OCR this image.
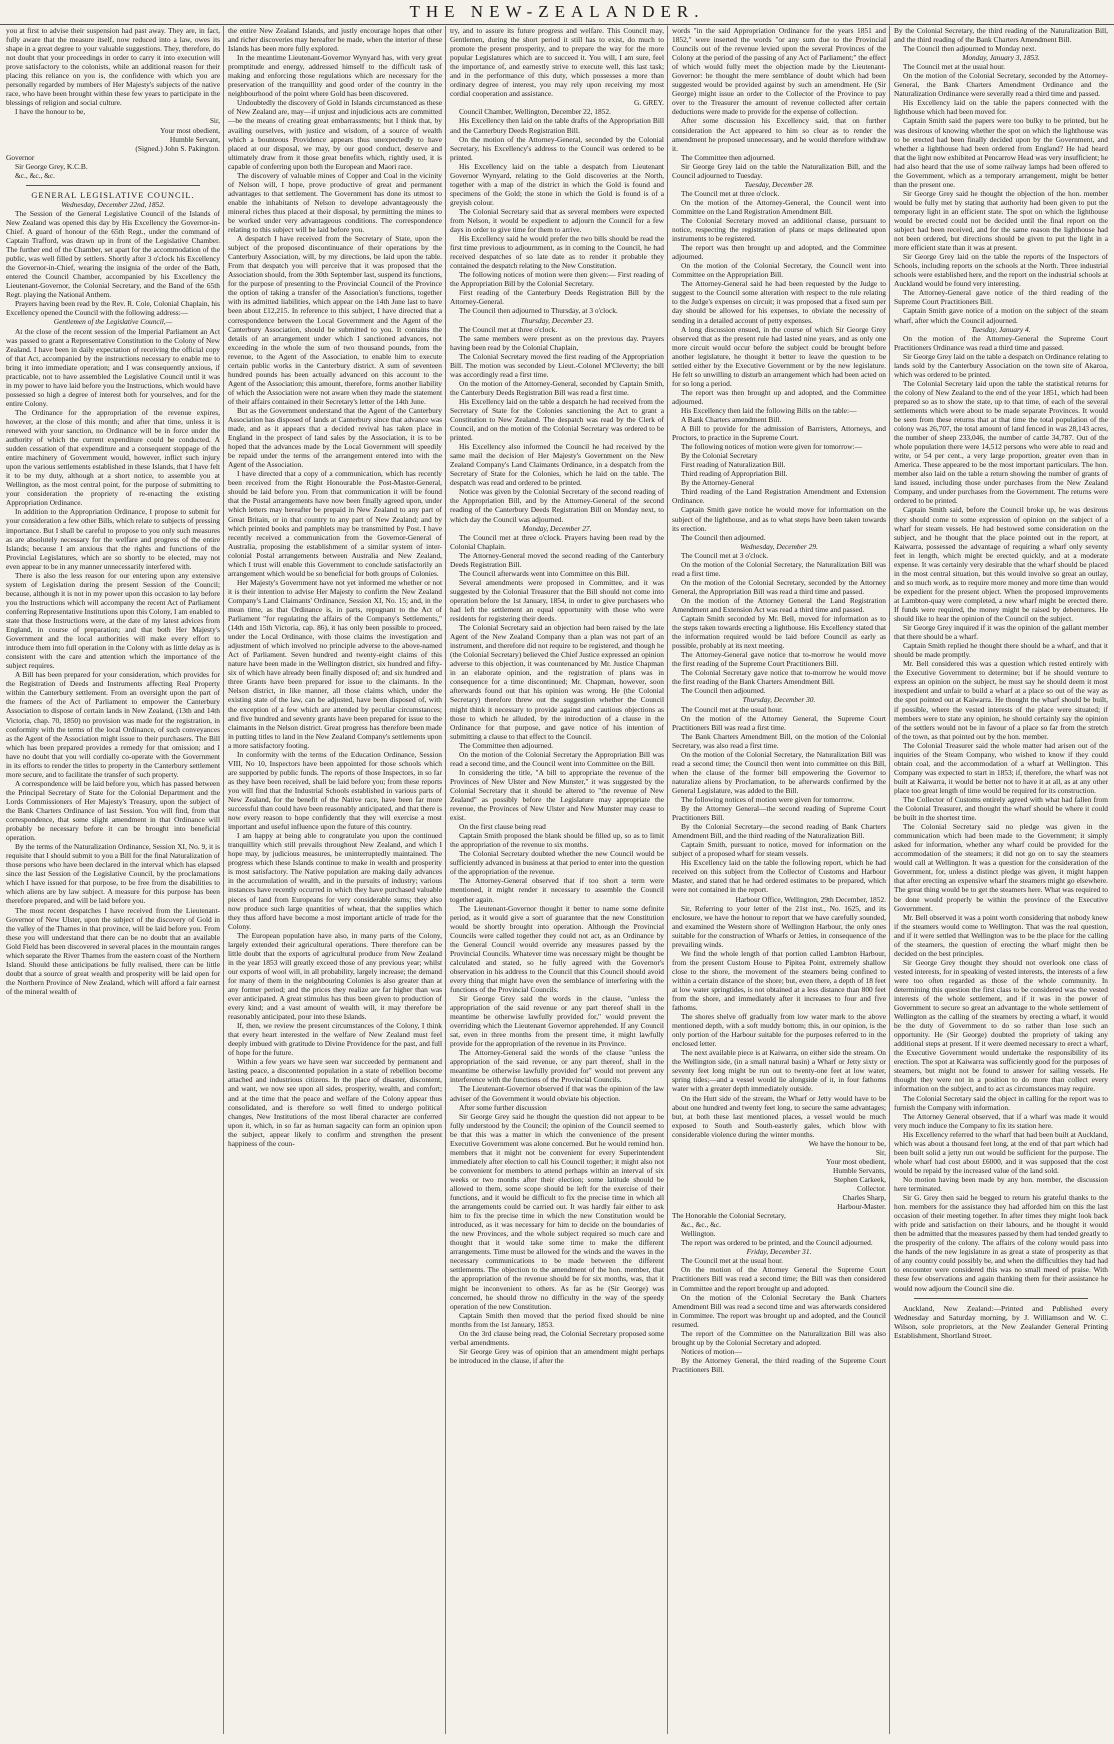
THE NEW-ZEALANDER.

you at first to advise their suspension had past away. They are, in fact, fully aware that the measure itself, now reduced into a law, owes its shape in a great degree to your valuable suggestions. They, therefore, do not doubt that your proceedings in order to carry it into execution will prove satisfactory to the colonists, while an additional reason for their placing this reliance on you is, the confidence with which you are personally regarded by numbers of Her Majesty's subjects of the native race, who have been brought within these few years to participate in the blessings of religion and social culture.

I have the honour to be,

Sir,

Your most obedient,

Humble Servant,

(Signed.) John S. Pakington.

Governor

Sir George Grey, K.C.B.

&c., &c., &c.

GENERAL LEGISLATIVE COUNCIL.

Wednesday, December 22nd, 1852.

The Session of the General Legislative Council of the Islands of New Zealand was opened this day by His Excellency the Governor-in-Chief. A guard of honour of the 65th Regt., under the command of Captain Trafford, was drawn up in front of the Legislative Chamber. The further end of the Chamber, set apart for the accommodation of the public, was well filled by settlers. Shortly after 3 o'clock his Excellency the Governor-in-Chief, wearing the insignia of the order of the Bath, entered the Council Chamber, accompanied by his Excellency the Lieutenant-Governor, the Colonial Secretary, and the Band of the 65th Regt. playing the National Anthem.

Prayers having been read by the Rev. R. Cole, Colonial Chaplain, his Excellency opened the Council with the following address:—

Gentlemen of the Legislative Council,—

At the close of the recent session of the Imperial Parliament an Act was passed to grant a Representative Constitution to the Colony of New Zealand. I have been in daily expectation of receiving the official copy of that Act, accompanied by the instructions necessary to enable me to bring it into immediate operation; and I was consequently anxious, if practicable, not to have assembled the Legislative Council until it was in my power to have laid before you the Instructions, which would have possessed so high a degree of interest both for yourselves, and for the entire Colony.

The Ordinance for the appropriation of the revenue expires, however, at the close of this month; and after that time, unless it is renewed with your sanction, no Ordinance will be in force under the authority of which the current expenditure could be conducted. A sudden cessation of that expenditure and a consequent stoppage of the entire machinery of Government would, however, inflict such injury upon the various settlements established in these Islands, that I have felt it to be my duty, although at a short notice, to assemble you at Wellington, as the most central point, for the purpose of submitting to your consideration the propriety of re-enacting the existing Appropriation Ordinance.

In addition to the Appropriation Ordinance, I propose to submit for your consideration a few other Bills, which relate to subjects of pressing importance. But I shall be careful to propose to you only such measures as are absolutely necessary for the welfare and progress of the entire Islands; because I am anxious that the rights and functions of the Provincial Legislatures, which are so shortly to be elected, may not even appear to be in any manner unnecessarily interfered with.

There is also the less reason for our entering upon any extensive system of Legislation during the present Session of the Council; because, although it is not in my power upon this occasion to lay before you the Instructions which will accompany the recent Act of Parliament conferring Representative Institutions upon this Colony, I am enabled to state that those Instructions were, at the date of my latest advices from England, in course of preparation; and that both Her Majesty's Government and the local authorities will make every effort to introduce them into full operation in the Colony with as little delay as is consistent with the care and attention which the importance of the subject requires.

A Bill has been prepared for your consideration, which provides for the Registration of Deeds and Instruments affecting Real Property within the Canterbury settlement. From an oversight upon the part of the framers of the Act of Parliament to empower the Canterbury Association to dispose of certain lands in New Zealand, (13th and 14th Victoria, chap. 70, 1850) no provision was made for the registration, in conformity with the terms of the local Ordinance, of such conveyances as the Agent of the Association might issue to their purchasers. The Bill which has been prepared provides a remedy for that omission; and I have no doubt that you will cordially co-operate with the Government in its efforts to render the titles to property in the Canterbury settlement more secure, and to facilitate the transfer of such property.

A correspondence will be laid before you, which has passed between the Principal Secretary of State for the Colonial Department and the Lords Commissioners of Her Majesty's Treasury, upon the subject of the Bank Charters Ordinance of last Session. You will find, from that correspondence, that some slight amendment in that Ordinance will probably be necessary before it can be brought into beneficial operation.

By the terms of the Naturalization Ordinance, Session XI, No. 9, it is requisite that I should submit to you a Bill for the final Naturalization of those persons who have been declared in the interval which has elapsed since the last Session of the Legislative Council, by the proclamations which I have issued for that purpose, to be free from the disabilities to which aliens are by law subject. A measure for this purpose has been therefore prepared, and will be laid before you.

The most recent despatches I have received from the Lieutenant-Governor of New Ulster, upon the subject of the discovery of Gold in the valley of the Thames in that province, will be laid before you. From these you will understand that there can be no doubt that an available Gold Field has been discovered in several places in the mountain ranges which separate the River Thames from the eastern coast of the Northern Island. Should these anticipations be fully realised, there can be little doubt that a source of great wealth and prosperity will be laid open for the Northern Province of New Zealand, which will afford a fair earnest of the mineral wealth of

the entire New Zealand Islands, and justly encourage hopes that other and richer discoveries may hereafter be made, when the interior of these Islands has been more fully explored.

In the meantime Lieutenant-Governor Wynyard has, with very great promptitude and energy, addressed himself to the difficult task of making and enforcing those regulations which are necessary for the preservation of the tranquillity and good order of the country in the neighbourhood of the point where Gold has been discovered.

Undoubtedly the discovery of Gold in Islands circumstanced as these of New Zealand are, may—if unjust and injudicious acts are committed—be the means of creating great embarrassments; but I think that, by availing ourselves, with justice and wisdom, of a source of wealth which a bounteous Providence appears thus unexpectedly to have placed at our disposal, we may, by our good conduct, deserve and ultimately draw from it those great benefits which, rightly used, it is capable of conferring upon both the European and Maori race.

The discovery of valuable mines of Copper and Coal in the vicinity of Nelson will, I hope, prove productive of great and permanent advantages to that settlement. The Government has done its utmost to enable the inhabitants of Nelson to develope advantageously the mineral riches thus placed at their disposal, by permitting the mines to be worked under very advantageous conditions. The correspondence relating to this subject will be laid before you.

A despatch I have received from the Secretary of State, upon the subject of the proposed discontinuance of their operations by the Canterbury Association, will, by my directions, be laid upon the table. From that despatch you will perceive that it was proposed that the Association should, from the 30th September last, suspend its functions, for the purpose of presenting to the Provincial Council of the Province the option of taking a transfer of the Association's functions, together with its admitted liabilities, which appear on the 14th June last to have been about £12,215. In reference to this subject, I have directed that a correspondence between the Local Government and the Agent of the Canterbury Association, should be submitted to you. It contains the details of an arrangement under which I sanctioned advances, not exceeding in the whole the sum of two thousand pounds, from the revenue, to the Agent of the Association, to enable him to execute certain public works in the Canterbury district. A sum of seventeen hundred pounds has been actually advanced on this account to the Agent of the Association; this amount, therefore, forms another liability of which the Association were not aware when they made the statement of their affairs contained in their Secretary's letter of the 14th June.

But as the Government understand that the Agent of the Canterbury Association has disposed of lands at Canterbury since that advance was made, and as it appears that a decided revival has taken place in England in the prospect of land sales by the Association, it is to be hoped that the advances made by the Local Government will speedily be repaid under the terms of the arrangement entered into with the Agent of the Association.

I have directed that a copy of a communication, which has recently been received from the Right Honourable the Post-Master-General, should be laid before you. From that communication it will be found that the Postal arrangements have now been finally agreed upon, under which letters may hereafter be prepaid in New Zealand to any part of Great Britain, or in that country to any part of New Zealand; and by which printed books and pamphlets may be transmitted by Post. I have recently received a communication from the Governor-General of Australia, proposing the establishment of a similar system of inter-colonial Postal arrangements between Australia and New Zealand, which I trust will enable this Government to conclude satisfactorily an arrangement which would be so beneficial for both groups of Colonies.

Her Majesty's Government have not yet informed me whether or not it is their intention to advise Her Majesty to confirm the New Zealand Company's Land Claimants' Ordinance, Session XI, No. 15; and, in the mean time, as that Ordinance is, in parts, repugnant to the Act of Parliament "for regulating the affairs of the Company's Settlements," (14th and 15th Victoria, cap. 86), it has only been possible to proceed, under the Local Ordinance, with those claims the investigation and adjustment of which involved no principle adverse to the above-named Act of Parliament. Seven hundred and twenty-eight claims of this nature have been made in the Wellington district, six hundred and fifty-six of which have already been finally disposed of; and six hundred and three Grants have been prepared for issue to the claimants. In the Nelson district, in like manner, all those claims which, under the existing state of the law, can be adjusted, have been disposed of, with the exception of a few which are attended by peculiar circumstances; and five hundred and seventy grants have been prepared for issue to the claimants in the Nelson district. Great progress has therefore been made in putting titles to land in the New Zealand Company's settlements upon a more satisfactory footing.

In conformity with the terms of the Education Ordinance, Session VIII, No 10, Inspectors have been appointed for those schools which are supported by public funds. The reports of those Inspectors, in so far as they have been received, shall be laid before you; from these reports you will find that the Industrial Schools established in various parts of New Zealand, for the benefit of the Native race, have been far more successful than could have been reasonably anticipated, and that there is now every reason to hope confidently that they will exercise a most important and useful influence upon the future of this country.

I am happy at being able to congratulate you upon the continued tranquillity which still prevails throughout New Zealand, and which I hope may, by judicious measures, be uninterruptedly maintained. The progress which these Islands continue to make in wealth and prosperity is most satisfactory. The Native population are making daily advances in the accumulation of wealth, and in the pursuits of industry; various instances have recently occurred in which they have purchased valuable pieces of land from Europeans for very considerable sums; they also now produce such large quantities of wheat, that the supplies which they thus afford have become a most important article of trade for the Colony.

The European population have also, in many parts of the Colony, largely extended their agricultural operations. There therefore can be little doubt that the exports of agricultural produce from New Zealand in the year 1853 will greatly exceed those of any previous year; whilst our exports of wool will, in all probability, largely increase; the demand for many of them in the neighbouring Colonies is also greater than at any former period; and the prices they realize are far higher than was ever anticipated. A great stimulus has thus been given to production of every kind; and a vast amount of wealth will, it may therefore be reasonably anticipated, pour into these Islands.

If, then, we review the present circumstances of the Colony, I think that every heart interested in the welfare of New Zealand must feel deeply imbued with gratitude to Divine Providence for the past, and full of hope for the future.

Within a few years we have seen war succeeded by permanent and lasting peace, a discontented population in a state of rebellion become attached and industrious citizens. In the place of disaster, discontent, and want, we now see upon all sides, prosperity, wealth, and comfort; and at the time that the peace and welfare of the Colony appear thus consolidated, and is therefore so well fitted to undergo political changes, New Institutions of the most liberal character are conferred upon it, which, in so far as human sagacity can form an opinion upon the subject, appear likely to confirm and strengthen the present happiness of the coun-

try, and to assure its future progress and welfare. This Council may, Gentlemen, during the short period it still has to exist, do much to promote the present prosperity, and to prepare the way for the more popular Legislatures which are to succeed it. You will, I am sure, feel the importance of, and earnestly strive to execute well, this last task; and in the performance of this duty, which possesses a more than ordinary degree of interest, you may rely upon receiving my most cordial cooperation and assistance.

G. GREY.

Council Chamber, Wellington, December 22, 1852.

His Excellency then laid on the table drafts of the Appropriation Bill and the Canterbury Deeds Registration Bill.

On the motion of the Attorney-General, seconded by the Colonial Secretary, his Excellency's address to the Council was ordered to be printed.

His Excellency laid on the table a despatch from Lieutenant Governor Wynyard, relating to the Gold discoveries at the North, together with a map of the district in which the Gold is found and specimens of the Gold; the stone in which the Gold is found is of a greyish colour.

The Colonial Secretary said that as several members were expected from Nelson, it would be expedient to adjourn the Council for a few days in order to give time for them to arrive.

His Excellency said he would prefer the two bills should be read the first time previous to adjournment, as in coming to the Council, he had received despatches of so late date as to render it probable they contained the despatch relating to the New Constitution.

The following notices of motion were then given:— First reading of the Appropriation Bill by the Colonial Secretary.

First reading of the Canterbury Deeds Registration Bill by the Attorney-General.

The Council then adjourned to Thursday, at 3 o'clock.

Thursday, December 23.

The Council met at three o'clock.

The same members were present as on the previous day. Prayers having been read by the Colonial Chaplain,

The Colonial Secretary moved the first reading of the Appropriation Bill. The motion was seconded by Lieut.-Colonel M'Cleverty; the bill was accordingly read a first time.

On the motion of the Attorney-General, seconded by Captain Smith, the Canterbury Deeds Registration Bill was read a first time.

His Excellency laid on the table a despatch he had received from the Secretary of State for the Colonies sanctioning the Act to grant a Constitution to New Zealand. The despatch was read by the Clerk of Council, and on the motion of the Colonial Secretary was ordered to be printed.

His Excellency also informed the Council he had received by the same mail the decision of Her Majesty's Government on the New Zealand Company's Land Claimants Ordinance, in a despatch from the Secretary of State for the Colonies, which he laid on the table. The despatch was read and ordered to be printed.

Notice was given by the Colonial Secretary of the second reading of the Appropriation Bill, and by the Attorney-General of the second reading of the Canterbury Deeds Registration Bill on Monday next, to which day the Council was adjourned.

Monday, December 27.

The Council met at three o'clock. Prayers having been read by the Colonial Chaplain.

The Attorney-General moved the second reading of the Canterbury Deeds Registration Bill.

The Council afterwards went into Committee on this Bill.

Several amendments were proposed in Committee, and it was suggested by the Colonial Treasurer that the Bill should not come into operation before the 1st January, 1854, in order to give purchasers who had left the settlement an equal opportunity with those who were residents for registering their deeds.

The Colonial Secretary said an objection had been raised by the late Agent of the New Zealand Company than a plan was not part of an instrument, and therefore did not require to be registered, and though he (the Colonial Secretary) believed the Chief Justice expressed an opinion adverse to this objection, it was countenanced by Mr. Justice Chapman in an elaborate opinion, and the registration of plans was in consequence for a time discontinued; Mr. Chapman, however, soon afterwards found out that his opinion was wrong. He (the Colonial Secretary) therefore threw out the suggestion whether the Council might think it necessary to provide against and cautious objections as those to which he alluded, by the introduction of a clause in the Ordinance for that purpose, and gave notice of his intention of submitting a clause to that effect to the Council.

The Committee then adjourned.

On the motion of the Colonial Secretary the Appropriation Bill was read a second time, and the Council went into Committee on the Bill.

In considering the title, "A bill to appropriate the revenue of the Provinces of New Ulster and New Munster," it was suggested by the Colonial Secretary that it should be altered to "the revenue of New Zealand" as possibly before the Legislature may appropriate the revenue, the Provinces of New Ulster and New Munster may cease to exist.

On the first clause being read

Captain Smith proposed the blank should be filled up, so as to limit the appropriation of the revenue to six months.

The Colonial Secretary doubted whether the new Council would be sufficiently advanced in business at that period to enter into the question of the appropriation of the revenue.

The Attorney-General observed that if too short a term were mentioned, it might render it necessary to assemble the Council together again.

The Lieutenant-Governor thought it better to name some definite period, as it would give a sort of guarantee that the new Constitution would be shortly brought into operation. Although the Provincial Councils were called together they could not act, as an Ordinance by the General Council would override any measures passed by the Provincial Councils. Whatever time was necessary might be thought be calculated and stated, so he fully agreed with the Governor's observation in his address to the Council that this Council should avoid every thing that might have even the semblance of interfering with the functions of the Provincial Councils.

Sir George Grey said the words in the clause, "unless the appropriation of the said revenue or any part thereof shall in the meantime be otherwise lawfully provided for," would prevent the overriding which the Lieutenant Governor apprehended. If any Council sat, even in three months from the present time, it might lawfully provide for the appropriation of the revenue in its Province.

The Attorney-General said the words of the clause "unless the appropriation of the said revenue, or any part thereof, shall in the meantime be otherwise lawfully provided for" would not prevent any interference with the functions of the Provincial Councils.

The Lieutenant-Governor observed if that was the opinion of the law adviser of the Government it would obviate his objection.

After some further discussion

Sir George Grey said he thought the question did not appear to be fully understood by the Council; the opinion of the Council seemed to be that this was a matter in which the convenience of the present Executive Government was alone concerned. But he would remind hon. members that it might not be convenient for every Superintendent immediately after election to call his Council together; it might also not be convenient for members to attend perhaps within an interval of six weeks or two months after their election; some latitude should be allowed to them, some scope should be left for the exercise of their functions, and it would be difficult to fix the precise time in which all the arrangements could be carried out. It was hardly fair either to ask him to fix the precise time in which the new Constitution would be introduced, as it was necessary for him to decide on the boundaries of the new Provinces, and the whole subject required so much care and thought that it would take some time to make the different arrangements. Time must be allowed for the winds and the waves in the necessary communications to be made between the different settlements. The objection to the amendment of the hon. member, that the appropriation of the revenue should be for six months, was, that it might be inconvenient to others. As far as he (Sir George) was concerned, he should throw no difficulty in the way of the speedy operation of the new Constitution.

Captain Smith then moved that the period fixed should be nine months from the 1st January, 1853.

On the 3rd clause being read, the Colonial Secretary proposed some verbal amendments.

Sir George Grey was of opinion that an amendment might perhaps be introduced in the clause, if after the

words "in the said Appropriation Ordinance for the years 1851 and 1852," were inserted the words "or any sum due to the Provincial Councils out of the revenue levied upon the several Provinces of the Colony at the period of the passing of any Act of Parliament;" the effect of which would fully meet the objection made by the Lieutenant-Governor: he thought the mere semblance of doubt which had been suggested would be provided against by such an amendment. He (Sir George) might issue an order to the Collector of the Province to pay over to the Treasurer the amount of revenue collected after certain deductions were made to provide for the expense of collection.

After some discussion his Excellency said, that on further consideration the Act appeared to him so clear as to render the amendment he proposed unnecessary, and he would therefore withdraw it.

The Committee then adjourned.

Sir George Grey laid on the table the Naturalization Bill, and the Council adjourned to Tuesday.

Tuesday, December 28.

The Council met at three o'clock.

On the motion of the Attorney-General, the Council went into Committee on the Land Registration Amendment Bill.

The Colonial Secretary moved an additional clause, pursuant to notice, respecting the registration of plans or maps delineated upon instruments to be registered.

The report was then brought up and adopted, and the Committee adjourned.

On the motion of the Colonial Secretary, the Council went into Committee on the Appropriation Bill.

The Attorney-General said he had been requested by the Judge to suggest to the Council some alteration with respect to the rule relating to the Judge's expenses on circuit; it was proposed that a fixed sum per day should be allowed for his expenses, to obviate the necessity of sending in a detailed account of petty expenses.

A long discussion ensued, in the course of which Sir George Grey observed that as the present rule had lasted nine years, and as only one more circuit would occur before the subject could be brought before another legislature, he thought it better to leave the question to be settled either by the Executive Government or by the new legislature. He felt so unwilling to disturb an arrangement which had been acted on for so long a period.

The report was then brought up and adopted, and the Committee adjourned.

His Excellency then laid the following Bills on the table:—

A Bank Charters amendment Bill.

A Bill to provide for the admission of Barristers, Attorneys, and Proctors, to practice in the Supreme Court.

The following notices of motion were given for tomorrow:—

By the Colonial Secretary

First reading of Naturalization Bill.

Third reading of Appropriation Bill.

By the Attorney-General

Third reading of the Land Registration Amendment and Extension Ordinance.

Captain Smith gave notice he would move for information on the subject of the lighthouse, and as to what steps have been taken towards its erection.

The Council then adjourned.

Wednesday, December 29.

The Council met at 3 o'clock.

On the motion of the Colonial Secretary, the Naturalization Bill was read a first time.

On the motion of the Colonial Secretary, seconded by the Attorney General, the Appropriation Bill was read a third time and passed.

On the motion of the Attorney General the Land Registration Amendment and Extension Act was read a third time and passed.

Captain Smith seconded by Mr. Bell, moved for information as to the steps taken towards erecting a lighthouse. His Excellency stated that the information required would be laid before Council as early as possible, probably at its next meeting.

The Attorney-General gave notice that to-morrow he would move the first reading of the Supreme Court Practitioners Bill.

The Colonial Secretary gave notice that to-morrow he would move the first reading of the Bank Charters Amendment Bill.

The Council then adjourned.

Thursday, December 30.

The Council met at the usual hour.

On the motion of the Attorney General, the Supreme Court Practitioners Bill was read a first time.

The Bank Charters Amendment Bill, on the motion of the Colonial Secretary, was also read a first time.

On the motion of the Colonial Secretary, the Naturalization Bill was read a second time; the Council then went into committee on this Bill, when the clause of the former bill empowering the Governor to naturalize aliens by Proclamation, to be afterwards confirmed by the General Legislature, was added to the Bill.

The following notices of motion were given for tomorrow.

By the Attorney General—the second reading of Supreme Court Practitioners Bill.

By the Colonial Secretary—the second reading of Bank Charters Amendment Bill, and the third reading of the Naturalization Bill.

Captain Smith, pursuant to notice, moved for information on the subject of a proposed wharf for steam vessels.

His Excellency laid on the table the following report, which he had received on this subject from the Collector of Customs and Harbour Master, and stated that he had ordered estimates to be prepared, which were not contained in the report.

Harbour Office, Wellington, 29th December, 1852.

Sir, Referring to your letter of the 21st inst., No. 1625, and its enclosure, we have the honour to report that we have carefully sounded, and examined the Western shore of Wellington Harbour, the only ones suitable for the construction of Wharfs or Jetties, in consequence of the prevailing winds.

We find the whole length of that portion called Lambton Harbour, from the present Custom House to Pipitea Point, extremely shallow close to the shore, the movement of the steamers being confined to within a certain distance of the shore; but, even there, a depth of 18 feet at low water springtides, is not obtained at a less distance than 800 feet from the shore, and immediately after it increases to four and five fathoms.

The shores shelve off gradually from low water mark to the above mentioned depth, with a soft muddy bottom; this, in our opinion, is the only portion of the Harbour suitable for the purposes referred to in the enclosed letter.

The next available piece is at Kaiwarra, on either side the stream. On the Wellington side, (in a small natural basin) a Wharf or Jetty sixty or seventy feet long might be run out to twenty-one feet at low water, spring tides;—and a vessel would lie alongside of it, in four fathoms water with a greater depth immediately outside.

On the Hutt side of the stream, the Wharf or Jetty would have to be about one hundred and twenty feet long, to secure the same advantages; but, at both these last mentioned places, a vessel would be much exposed to South and South-easterly gales, which blow with considerable violence during the winter months.

We have the honour to be,

Sir,

Your most obedient,

Humble Servants,

Stephen Carkeek,

Collector.

Charles Sharp,

Harbour-Master.

The Honorable the Colonial Secretary,

&c., &c., &c.

Wellington.

The report was ordered to be printed, and the Council adjourned.

Friday, December 31.

The Council met at the usual hour.

On the motion of the Attorney General the Supreme Court Practitioners Bill was read a second time; the Bill was then considered in Committee and the report brought up and adopted.

On the motion of the Colonial Secretary the Bank Charters Amendment Bill was read a second time and was afterwards considered in Committee. The report was brought up and adopted, and the Council resumed.

The report of the Committee on the Naturalization Bill was also brought up by the Colonial Secretary and adopted.

Notices of motion—

By the Attorney General, the third reading of the Supreme Court Practitioners Bill.

By the Colonial Secretary, the third reading of the Naturalization Bill, and the third reading of the Bank Charters Amendment Bill.

The Council then adjourned to Monday next.

Monday, January 3, 1853.

The Council met at the usual hour.

On the motion of the Colonial Secretary, seconded by the Attorney-General, the Bank Charters Amendment Ordinance and the Naturalization Ordinance were severally read a third time and passed.

His Excellency laid on the table the papers connected with the lighthouse which had been moved for.

Captain Smith said the papers were too bulky to be printed, but he was desirous of knowing whether the spot on which the lighthouse was to be erected had been finally decided upon by the Government, and whether a lighthouse had been ordered from England? He had heard that the light now exhibited at Pencarrow Head was very insufficient; he had also heard that the use of some railway lamps had been offered to the Government, which as a temporary arrangement, might be better than the present one.

Sir George Grey said he thought the objection of the hon. member would be fully met by stating that authority had been given to put the temporary light in an efficient state. The spot on which the lighthouse would be erected could not be decided until the final report on the subject had been received, and for the same reason the lighthouse had not been ordered, but directions should be given to put the light in a more efficient state than it was at present.

Sir George Grey laid on the table the reports of the Inspectors of Schools, including reports on the schools at the North. Three industrial schools were established here, and the report on the industrial schools at Auckland would be found very interesting.

The Attorney-General gave notice of the third reading of the Supreme Court Practitioners Bill.

Captain Smith gave notice of a motion on the subject of the steam wharf, after which the Council adjourned.

Tuesday, January 4.

On the motion of the Attorney-General the Supreme Court Practitioners Ordinance was read a third time and passed.

Sir George Grey laid on the table a despatch on Ordinance relating to lands sold by the Canterbury Association on the town site of Akaroa, which was ordered to be printed.

The Colonial Secretary laid upon the table the statistical returns for the colony of New Zealand to the end of the year 1851, which had been prepared so as to show the state, up to that time, of each of the several settlements which were about to be made separate Provinces. It would be seen from these returns that at that time the total population of the colony was 26,707, the total amount of land fenced in was 28,143 acres, the number of sheep 233,046, the number of cattle 34,787. Out of the whole population there were 14,512 persons who were able to read and write, or 54 per cent., a very large proportion, greater even than in America. These appeared to be the most important particulars. The hon. member also laid on the table a return showing the number of grants of land issued, including those under purchases from the New Zealand Company, and under purchases from the Government. The returns were ordered to be printed.

Captain Smith said, before the Council broke up, he was desirous they should come to some expression of opinion on the subject of a wharf for steam vessels. He had bestowed some consideration on the subject, and he thought that the place pointed out in the report, at Kaiwarra, possessed the advantage of requiring a wharf only seventy feet in length, which might be erected quickly, and at a moderate expense. It was certainly very desirable that the wharf should be placed in the most central situation, but this would involve so great an outlay, and so much work, as to require more money and more time than would be expedient for the present object. When the proposed improvements at Lambton-quay were completed, a new wharf might be erected there. If funds were required, the money might be raised by debentures. He should like to hear the opinion of the Council on the subject.

Sir George Grey inquired if it was the opinion of the gallant member that there should be a wharf.

Captain Smith replied he thought there should be a wharf, and that it should be made promptly.

Mr. Bell considered this was a question which rested entirely with the Executive Government to determine; but if he should venture to express an opinion on the subject, he must say he should deem it most inexpedient and unfair to build a wharf at a place so out of the way as the spot pointed out at Kaiwarra. He thought the wharf should be built, if possible, where the vested interests of the place were situated; if members were to state any opinion, he should certainly say the opinion of the settlers would not be in favour of a place so far from the stretch of the town, as that pointed out by the hon. member.

The Colonial Treasurer said the whole matter had arisen out of the inquiries of the Steam Company, who wished to know if they could obtain coal, and the accommodation of a wharf at Wellington. This Company was expected to start in 1853; if, therefore, the wharf was not built at Kaiwarra, it would be better not to have it at all, as at any other place too great length of time would be required for its construction.

The Collector of Customs entirely agreed with what had fallen from the Colonial Treasurer, and thought the wharf should be where it could be built in the shortest time.

The Colonial Secretary said no pledge was given in the communication which had been made to the Government; it simply asked for information, whether any wharf could be provided for the accommodation of the steamers; it did not go on to say the steamers would call at Wellington. It was a question for the consideration of the Government, for, unless a distinct pledge was given, it might happen that after erecting an expensive wharf the steamers might go elsewhere. The great thing would be to get the steamers here. What was required to be done would properly be within the province of the Executive Government.

Mr. Bell observed it was a point worth considering that nobody knew if the steamers would come to Wellington. That was the real question, and if it were settled that Wellington was to be the place for the calling of the steamers, the question of erecting the wharf might then be decided on the best principles.

Sir George Grey thought they should not overlook one class of vested interests, for in speaking of vested interests, the interests of a few were too often regarded as those of the whole community. In determining this question the first class to be considered was the vested interests of the whole settlement, and if it was in the power of Government to secure so great an advantage to the whole settlement of Wellington as the calling of the steamers by erecting a wharf, it would be the duty of Government to do so rather than lose such an opportunity. He (Sir George) doubted the propriety of taking any additional steps at present. If it were deemed necessary to erect a wharf, the Executive Government would undertake the responsibility of its erection. The spot at Kaiwarra was sufficiently good for the purposes of steamers, but might not be found to answer for sailing vessels. He thought they were not in a position to do more than collect every information on the subject, and to act as circumstances may require.

The Colonial Secretary said the object in calling for the report was to furnish the Company with information.

The Attorney General observed, that if a wharf was made it would very much induce the Company to fix its station here.

His Excellency referred to the wharf that had been built at Auckland, which was about a thousand feet long, at the end of that part which had been built solid a jetty run out would be sufficient for the purpose. The whole wharf had cost about £6000, and it was supposed that the cost would be repaid by the increased value of the land sold.

No motion having been made by any hon. member, the discussion here terminated.

Sir G. Grey then said he begged to return his grateful thanks to the hon. members for the assistance they had afforded him on this the last occasion of their meeting together. In after times they might look back with pride and satisfaction on their labours, and he thought it would then be admitted that the measures passed by them had tended greatly to the prosperity of the colony. The affairs of the colony would pass into the hands of the new legislature in as great a state of prosperity as that of any country could possibly be, and when the difficulties they had had to encounter were considered this was no small meed of praise. With these few observations and again thanking them for their assistance he would now adjourn the Council sine die.

Auckland, New Zealand:—Printed and Published every Wednesday and Saturday morning, by J. Williamson and W. C. Wilson, sole proprietors, at the New Zealander General Printing Establishment, Shortland Street.
